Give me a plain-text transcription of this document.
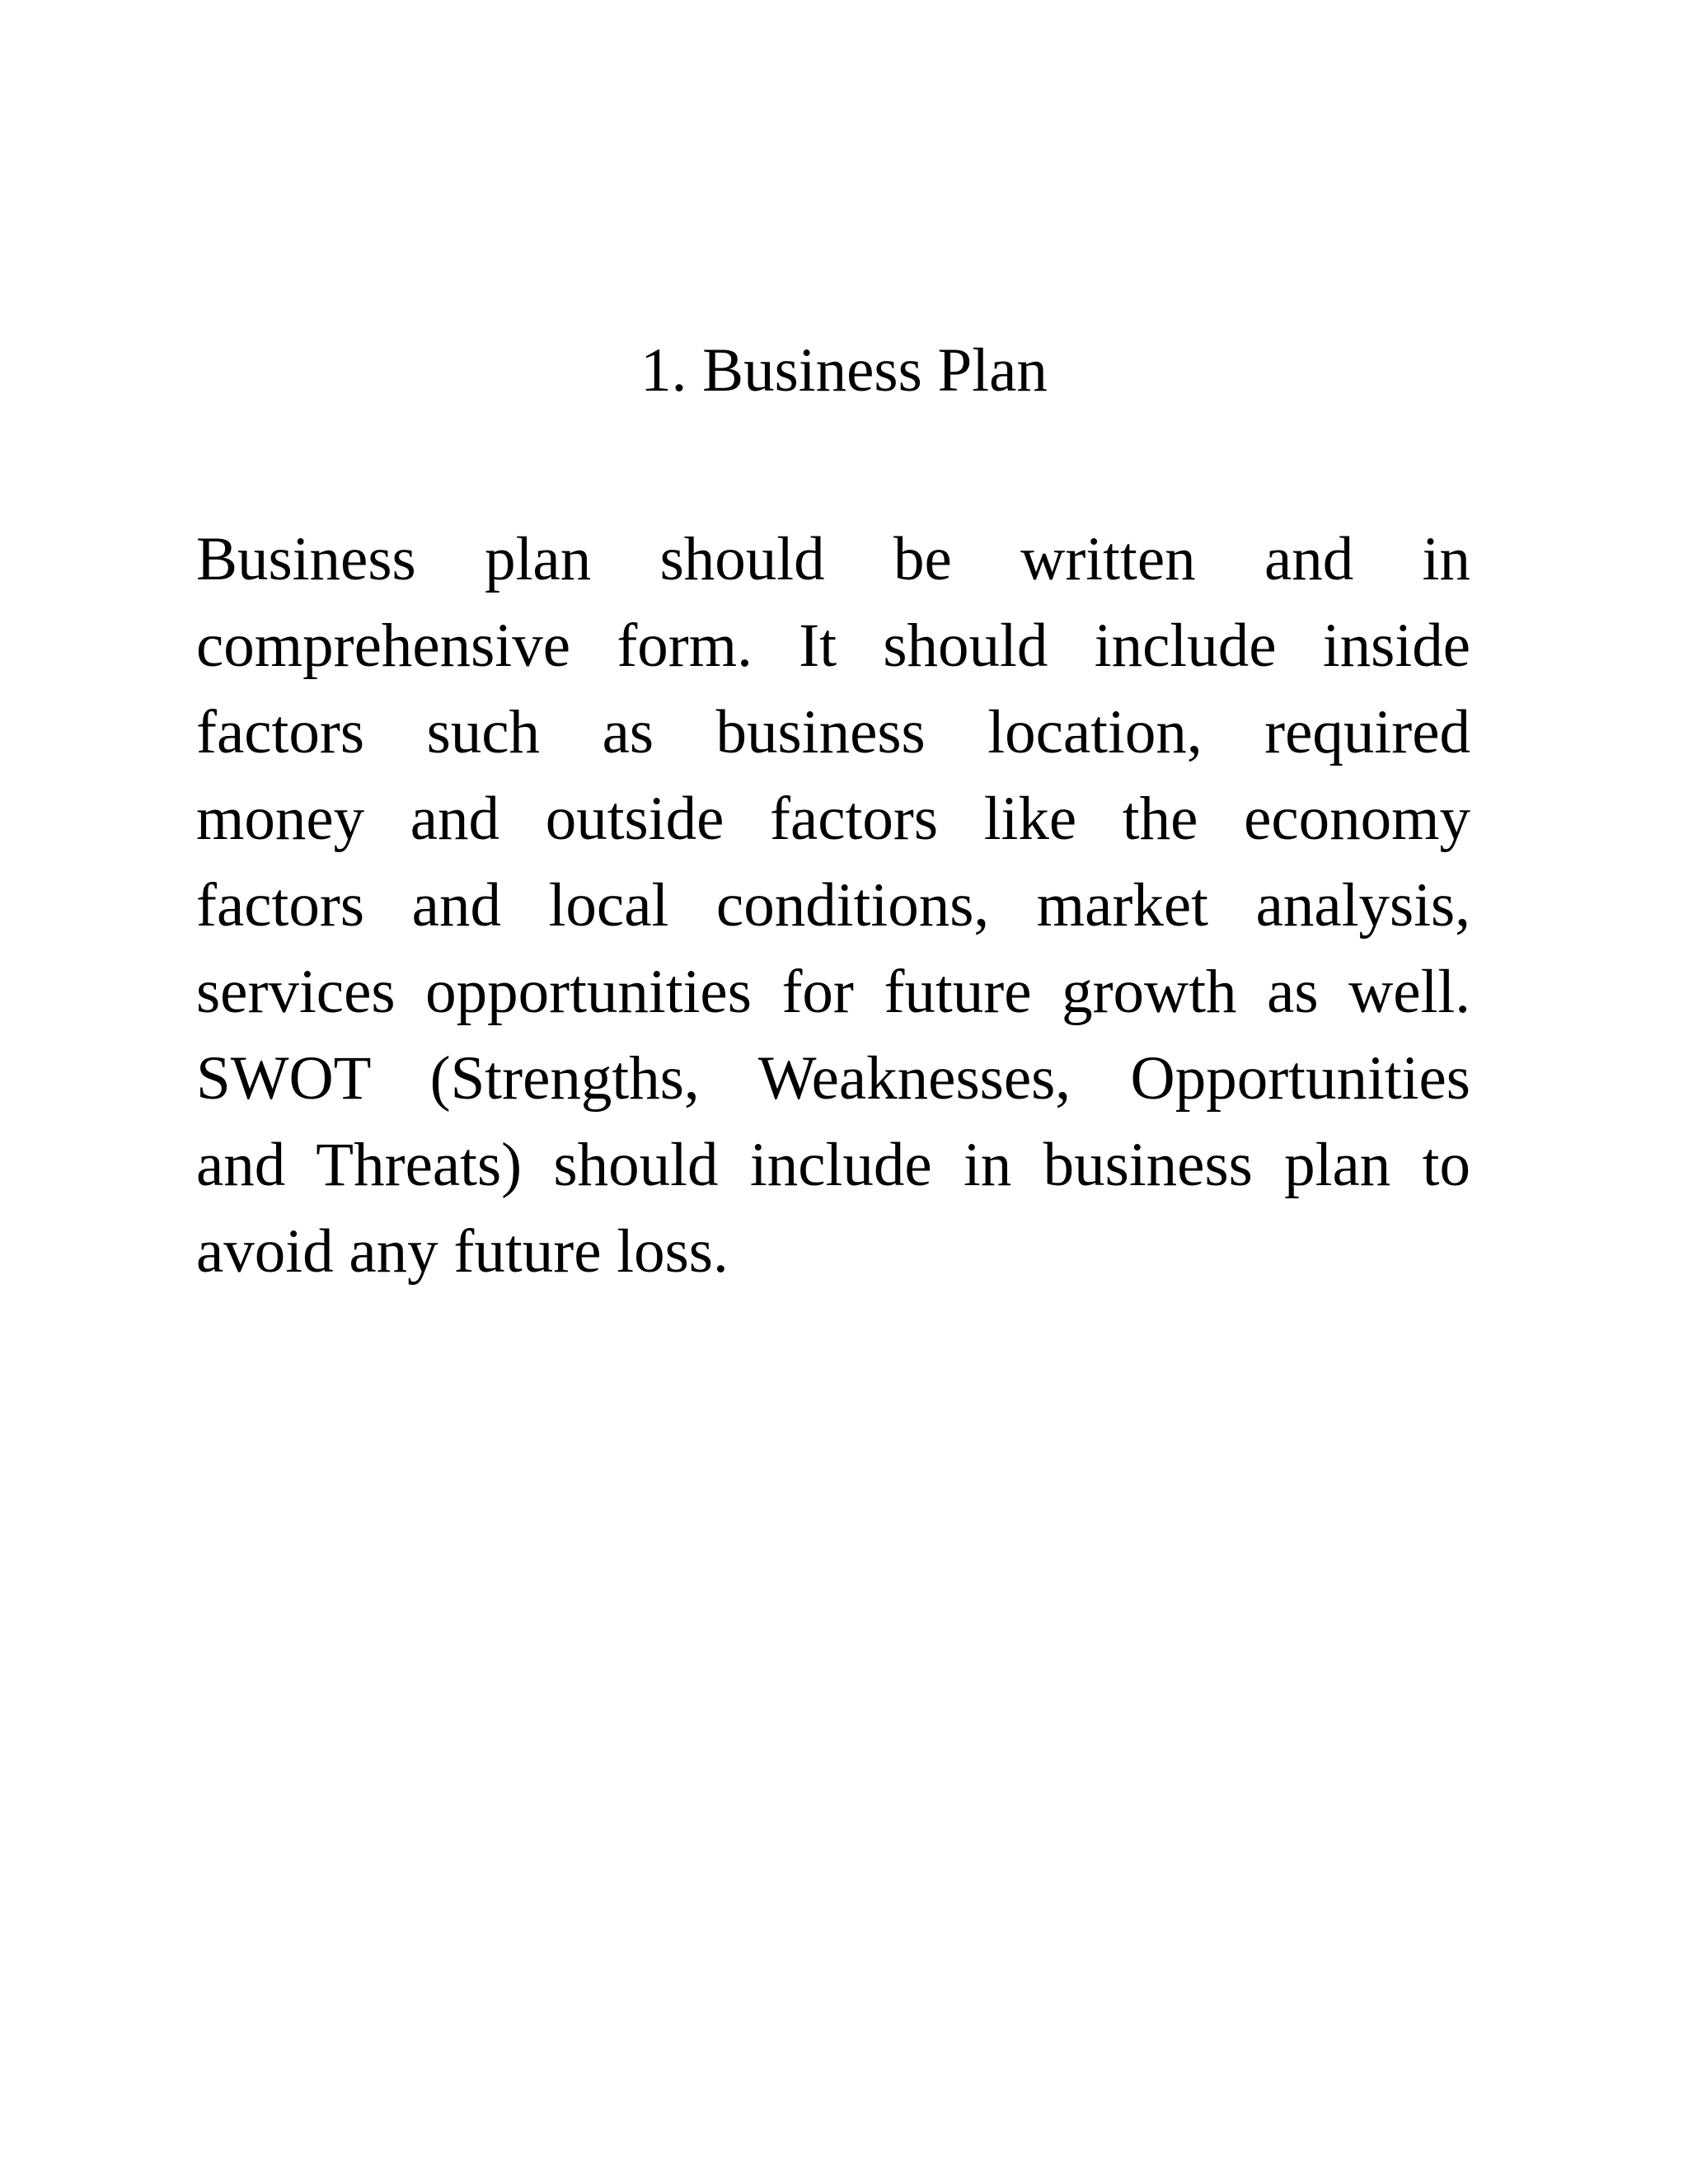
1. Business Plan
Business plan should be written and in
comprehensive form. It should include inside
factors such as business location, required
money and outside factors like the economy
factors and local conditions, market analysis,
services opportunities for future growth as well.
SWOT (Strengths, Weaknesses, Opportunities
and Threats) should include in business plan to
avoid any future loss.
